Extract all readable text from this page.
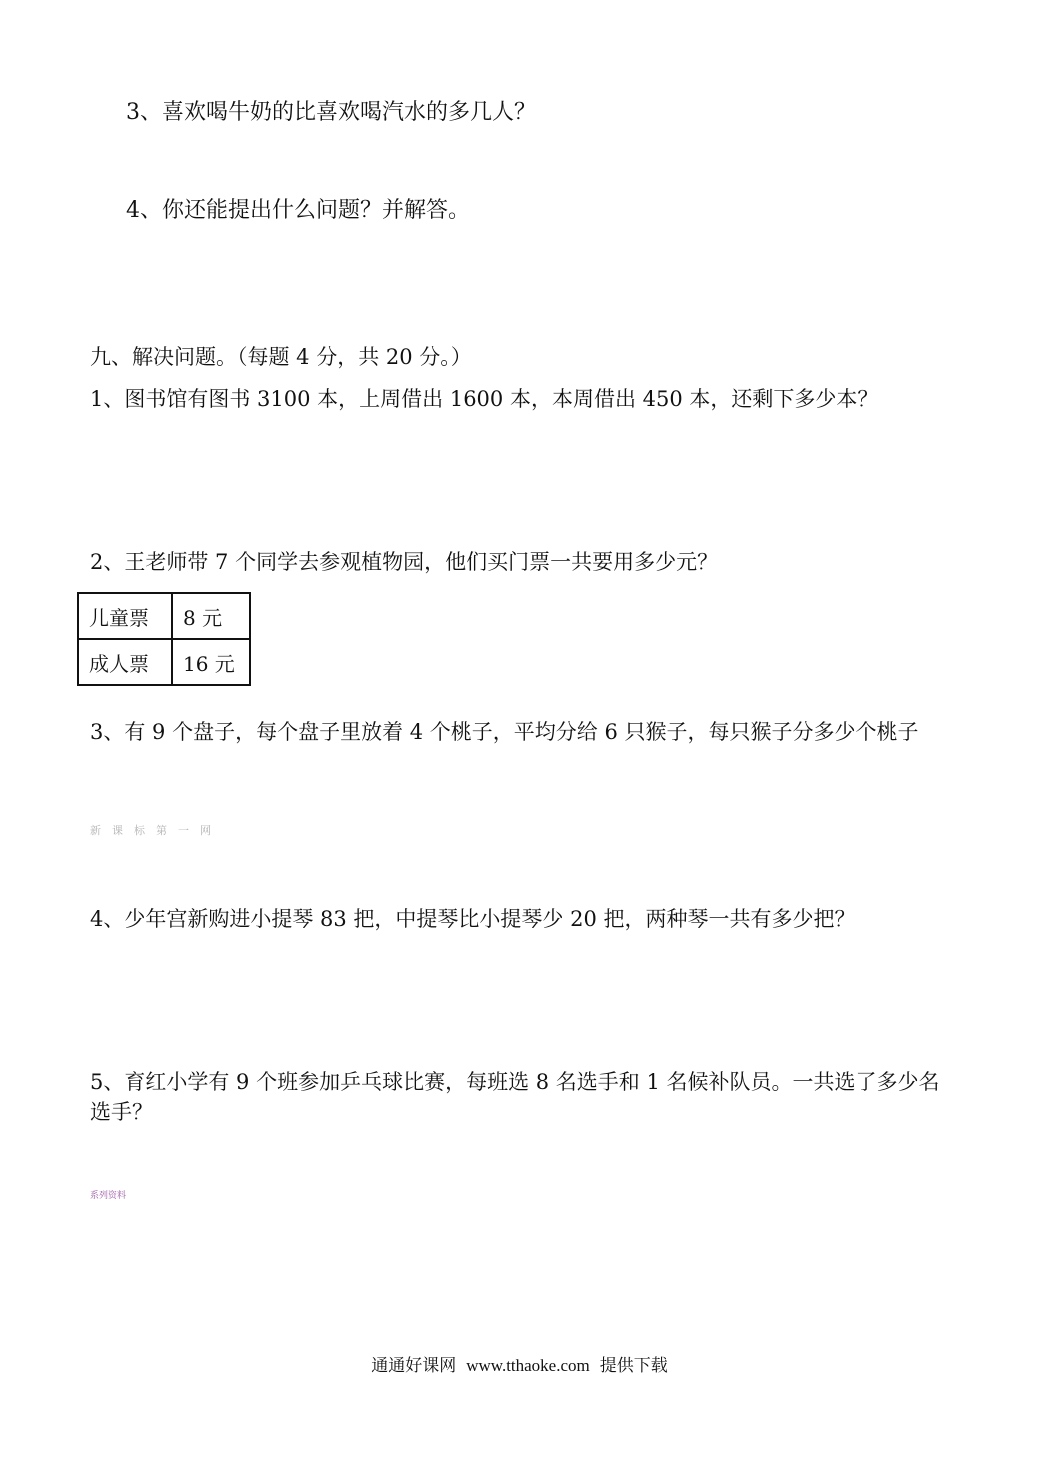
3、喜欢喝牛奶的比喜欢喝汽水的多几人？

4、你还能提出什么问题？并解答。

九、解决问题。（每题 4 分，共 20 分。）

1、图书馆有图书 3100 本，上周借出 1600 本，本周借出 450 本，还剩下多少本？

2、王老师带 7 个同学去参观植物园，他们买门票一共要用多少元？

儿童票	8 元
成人票	16 元

3、有 9 个盘子，每个盘子里放着 4 个桃子，平均分给 6 只猴子，每只猴子分多少个桃子

新课标第一网

4、少年宫新购进小提琴 83 把，中提琴比小提琴少 20 把，两种琴一共有多少把？

5、育红小学有 9 个班参加乒乓球比赛，每班选 8 名选手和 1 名候补队员。一共选了多少名

选手？

系列资料
通通好课网 www.tthaoke.com 提供下载
